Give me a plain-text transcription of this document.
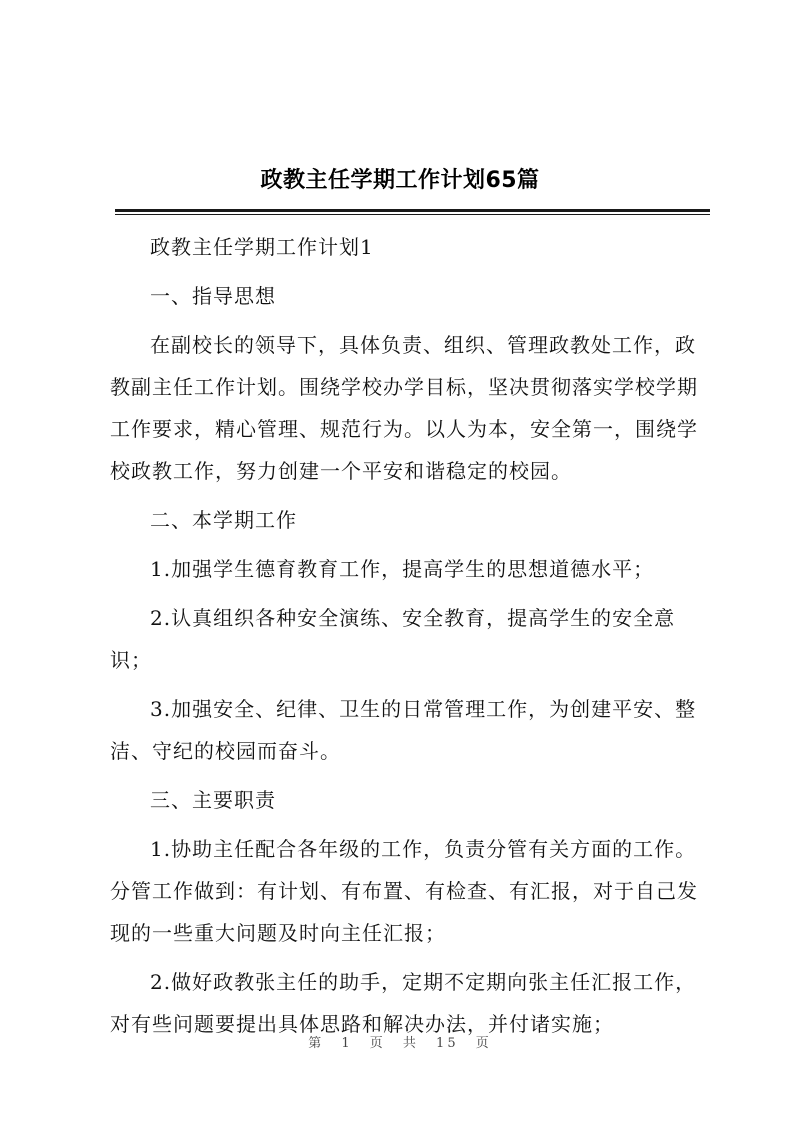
政教主任学期工作计划65篇

政教主任学期工作计划1

一、指导思想

在副校长的领导下，具体负责、组织、管理政教处工作，政教副主任工作计划。围绕学校办学目标，坚决贯彻落实学校学期工作要求，精心管理、规范行为。以人为本，安全第一，围绕学校政教工作，努力创建一个平安和谐稳定的校园。

二、本学期工作

1.加强学生德育教育工作，提高学生的思想道德水平；

2.认真组织各种安全演练、安全教育，提高学生的安全意识；

3.加强安全、纪律、卫生的日常管理工作，为创建平安、整洁、守纪的校园而奋斗。

三、主要职责

1.协助主任配合各年级的工作，负责分管有关方面的工作。分管工作做到：有计划、有布置、有检查、有汇报，对于自己发现的一些重大问题及时向主任汇报；

2.做好政教张主任的助手，定期不定期向张主任汇报工作，对有些问题要提出具体思路和解决办法，并付诸实施；

第 1 页 共 15 页
